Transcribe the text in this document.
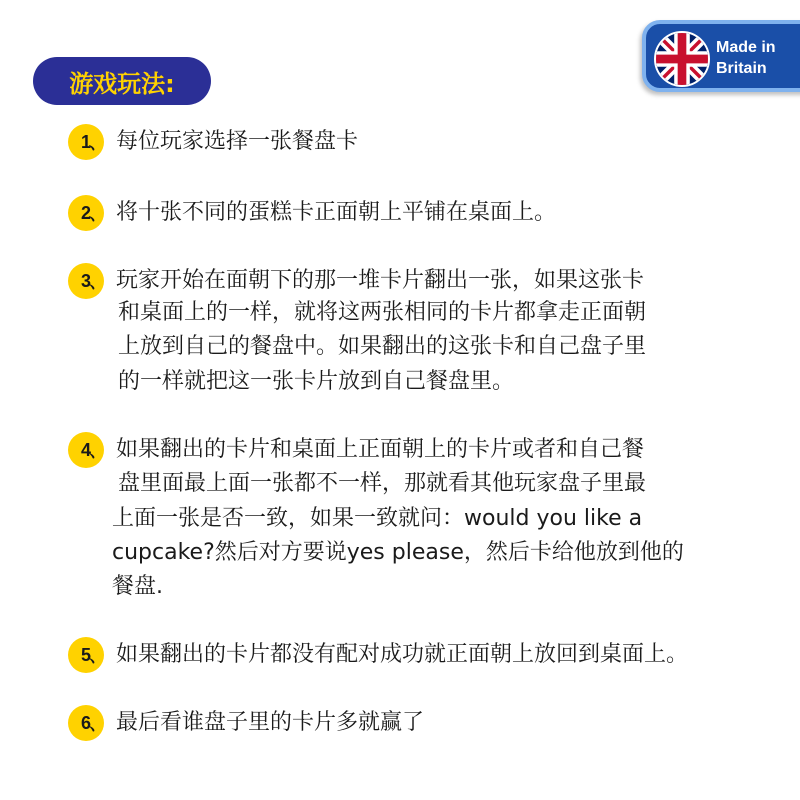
游戏玩法:
Made in
Britain
1
、 每位玩家选择一张餐盘卡
2
、 将十张不同的蛋糕卡正面朝上平铺在桌面上。
3
、 玩家开始在面朝下的那一堆卡片翻出一张，如果这张卡
和桌面上的一样，就将这两张相同的卡片都拿走正面朝
上放到自己的餐盘中。如果翻出的这张卡和自己盘子里
的一样就把这一张卡片放到自己餐盘里。
4
、 如果翻出的卡片和桌面上正面朝上的卡片或者和自己餐
盘里面最上面一张都不一样，那就看其他玩家盘子里最
上面一张是否一致，如果一致就问：would you like a
cupcake?然后对方要说yes please，然后卡给他放到他的
餐盘.
5
、 如果翻出的卡片都没有配对成功就正面朝上放回到桌面上。
6
、 最后看谁盘子里的卡片多就赢了
